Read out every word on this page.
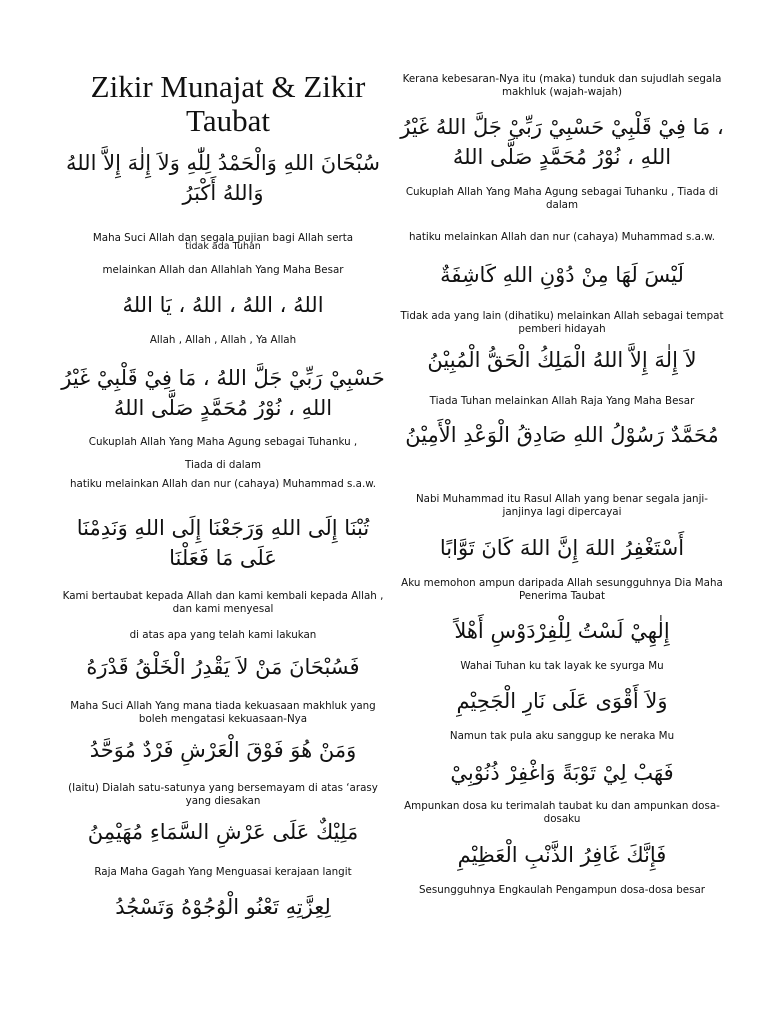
Zikir Munajat & Zikir Taubat
سُبْحَانَ اللهِ وَالْحَمْدُ لِلّٰهِ وَلاَ إِلٰهَ إِلاَّ اللهُ وَاللهُ أَكْبَرُ
Maha Suci Allah dan segala pujian bagi Allah serta
tidak ada Tuhan
melainkan Allah dan Allahlah Yang Maha Besar
اللهُ ، اللهُ ، اللهُ ، يَا اللهُ
Allah , Allah , Allah , Ya Allah
حَسْبِيْ رَبِّيْ جَلَّ اللهُ ، مَا فِيْ قَلْبِيْ غَيْرُ اللهِ ، نُوْرُ مُحَمَّدٍ صَلَّى اللهُ
Cukuplah Allah Yang Maha Agung sebagai Tuhanku ,
Tiada di dalam
hatiku melainkan Allah dan nur (cahaya) Muhammad s.a.w.
تُبْنَا إِلَى اللهِ وَرَجَعْنَا إِلَى اللهِ وَنَدِمْنَا عَلَى مَا فَعَلْنَا
Kami bertaubat kepada Allah dan kami kembali kepada Allah , dan kami menyesal
di atas apa yang telah kami lakukan
فَسُبْحَانَ مَنْ لاَ يَقْدِرُ الْخَلْقُ قَدْرَهُ
Maha Suci Allah Yang mana tiada kekuasaan makhluk yang boleh mengatasi kekuasaan-Nya
وَمَنْ هُوَ فَوْقَ الْعَرْشِ فَرْدٌ مُوَحَّدُ
(Iaitu) Dialah satu-satunya yang bersemayam di atas ‘arasy yang diesakan
مَلِيْكٌ عَلَى عَرْشِ السَّمَاءِ مُهَيْمِنُ
Raja Maha Gagah Yang Menguasai kerajaan langit
لِعِزَّتِهِ تَعْنُو الْوُجُوْهُ وَتَسْجُدُ
Kerana kebesaran-Nya itu (maka) tunduk dan sujudlah segala makhluk (wajah-wajah)
، مَا فِيْ قَلْبِيْ حَسْبِيْ رَبِّيْ جَلَّ اللهُ غَيْرُ اللهِ ، نُوْرُ مُحَمَّدٍ صَلَّى اللهُ
Cukuplah Allah Yang Maha Agung sebagai Tuhanku , Tiada di dalam
hatiku melainkan Allah dan nur (cahaya) Muhammad s.a.w.
لَيْسَ لَهَا مِنْ دُوْنِ اللهِ كَاشِفَةٌ
Tidak ada yang lain (dihatiku) melainkan Allah sebagai tempat pemberi hidayah
لاَ إِلٰهَ إِلاَّ اللهُ الْمَلِكُ الْحَقُّ الْمُبِيْنُ
Tiada Tuhan melainkan Allah Raja Yang Maha Besar
مُحَمَّدٌ رَسُوْلُ اللهِ صَادِقُ الْوَعْدِ الْأَمِيْنُ
Nabi Muhammad itu Rasul Allah yang benar segala janji-janjinya lagi dipercayai
أَسْتَغْفِرُ اللهَ إِنَّ اللهَ كَانَ تَوَّابًا
Aku memohon ampun daripada Allah sesungguhnya Dia Maha Penerima Taubat
إِلٰهِيْ لَسْتُ لِلْفِرْدَوْسِ أَهْلاً
Wahai Tuhan ku tak layak ke syurga Mu
وَلاَ أَقْوَى عَلَى نَارِ الْجَحِيْمِ
Namun tak pula aku sanggup ke neraka Mu
فَهَبْ لِيْ تَوْبَةً وَاغْفِرْ ذُنُوْبِيْ
Ampunkan dosa ku terimalah taubat ku dan ampunkan dosa-dosaku
فَإِنَّكَ غَافِرُ الذَّنْبِ الْعَظِيْمِ
Sesungguhnya Engkaulah Pengampun dosa-dosa besar
